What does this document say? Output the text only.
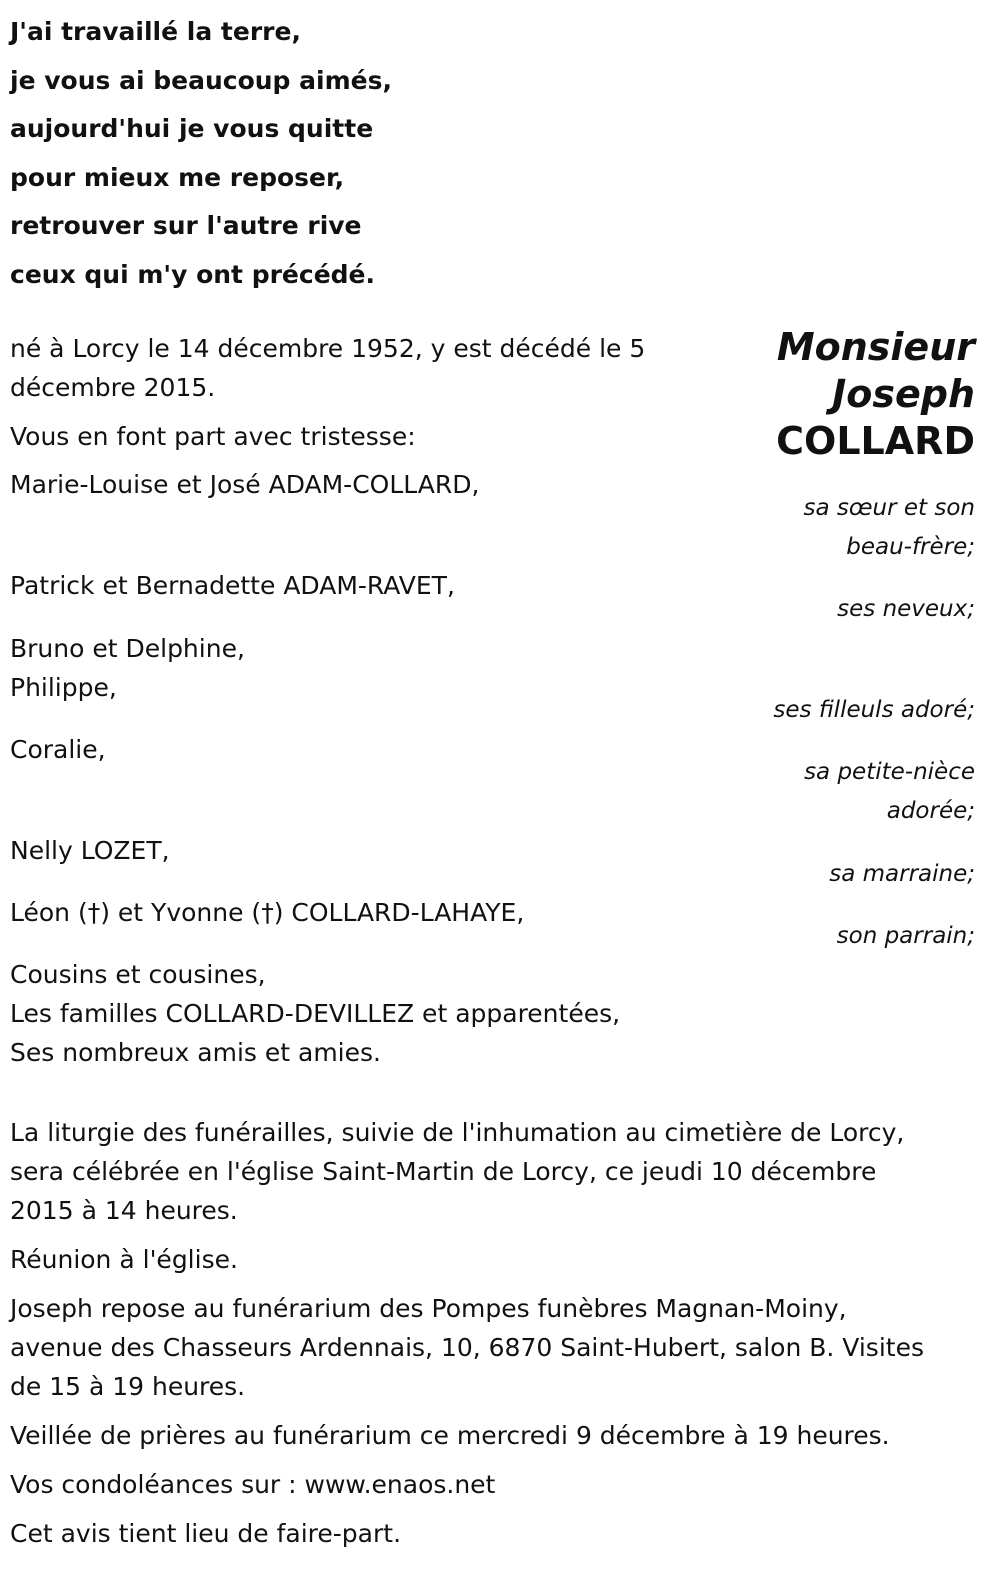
J'ai travaillé la terre,
je vous ai beaucoup aimés,
aujourd'hui je vous quitte
pour mieux me reposer,
retrouver sur l'autre rive
ceux qui m'y ont précédé.
Monsieur
Joseph
COLLARD
né à Lorcy le 14 décembre 1952, y est décédé le 5
décembre 2015.
Vous en font part avec tristesse:
Marie-Louise et José ADAM-COLLARD,
sa sœur et son
beau-frère;
Patrick et Bernadette ADAM-RAVET,
ses neveux;
Bruno et Delphine,
Philippe,
ses filleuls adoré;
Coralie,
sa petite-nièce
adorée;
Nelly LOZET,
sa marraine;
Léon (†) et Yvonne (†) COLLARD-LAHAYE,
son parrain;
Cousins et cousines,
Les familles COLLARD-DEVILLEZ et apparentées,
Ses nombreux amis et amies.
La liturgie des funérailles, suivie de l'inhumation au cimetière de Lorcy,
sera célébrée en l'église Saint-Martin de Lorcy, ce jeudi 10 décembre
2015 à 14 heures.
Réunion à l'église.
Joseph repose au funérarium des Pompes funèbres Magnan-Moiny,
avenue des Chasseurs Ardennais, 10, 6870 Saint-Hubert, salon B. Visites
de 15 à 19 heures.
Veillée de prières au funérarium ce mercredi 9 décembre à 19 heures.
Vos condoléances sur : www.enaos.net
Cet avis tient lieu de faire-part.
